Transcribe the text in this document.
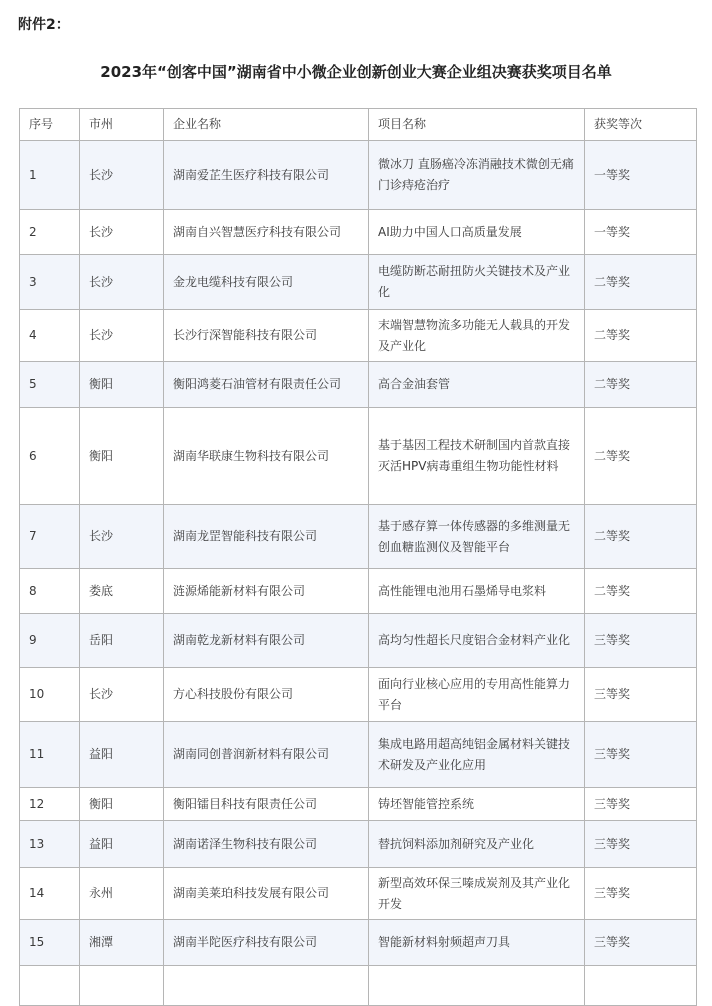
附件2：
2023年“创客中国”湖南省中小微企业创新创业大赛企业组决赛获奖项目名单
序号	市州	企业名称	项目名称	获奖等次
1	长沙	湖南爱芷生医疗科技有限公司	微冰刀 直肠癌冷冻消融技术微创无痛门诊痔疮治疗	一等奖
2	长沙	湖南自兴智慧医疗科技有限公司	AI助力中国人口高质量发展	一等奖
3	长沙	金龙电缆科技有限公司	电缆防断芯耐扭防火关键技术及产业化	二等奖
4	长沙	长沙行深智能科技有限公司	末端智慧物流多功能无人载具的开发及产业化	二等奖
5	衡阳	衡阳鸿菱石油管材有限责任公司	高合金油套管	二等奖
6	衡阳	湖南华联康生物科技有限公司	基于基因工程技术研制国内首款直接灭活HPV病毒重组生物功能性材料	二等奖
7	长沙	湖南龙罡智能科技有限公司	基于感存算一体传感器的多维测量无创血糖监测仪及智能平台	二等奖
8	娄底	涟源烯能新材料有限公司	高性能锂电池用石墨烯导电浆料	二等奖
9	岳阳	湖南乾龙新材料有限公司	高均匀性超长尺度铝合金材料产业化	三等奖
10	长沙	方心科技股份有限公司	面向行业核心应用的专用高性能算力平台	三等奖
11	益阳	湖南同创普润新材料有限公司	集成电路用超高纯铝金属材料关键技术研发及产业化应用	三等奖
12	衡阳	衡阳镭目科技有限责任公司	铸坯智能管控系统	三等奖
13	益阳	湖南诺泽生物科技有限公司	替抗饲料添加剂研究及产业化	三等奖
14	永州	湖南美莱珀科技发展有限公司	新型高效环保三嗪成炭剂及其产业化开发	三等奖
15	湘潭	湖南半陀医疗科技有限公司	智能新材料射频超声刀具	三等奖
